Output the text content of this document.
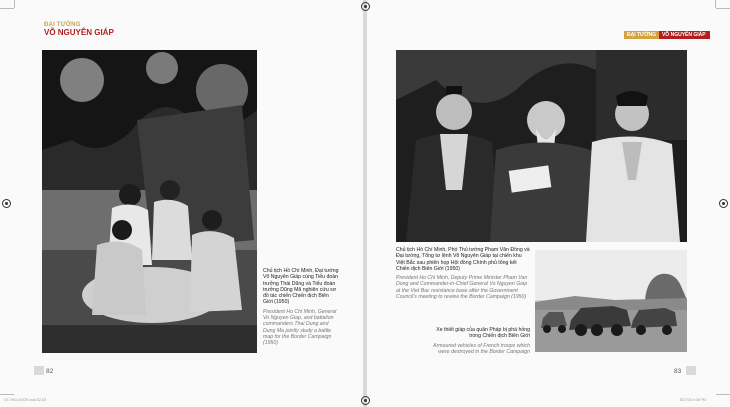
ĐẠI TƯỚNG
VÕ NGUYÊN GIÁP	ĐẠI TƯỚNG VÕ NGUYÊN GIÁP
Chủ tịch Hồ Chí Minh, Đại tướng Võ Nguyên Giáp cùng Tiểu đoàn trưởng Thái Dũng và Tiểu đoàn trưởng Dũng Mã nghiên cứu sơ đồ tác chiến Chiến dịch Biên Giới (1950)
President Ho Chi Minh, General Vo Nguyen Giap, and battalion commanders Thai Dung and Dung Ma jointly study a battle map for the Border Campaign (1950)
82
Chủ tịch Hồ Chí Minh, Phó Thủ tướng Phạm Văn Đồng và Đại tướng, Tổng tư lệnh Võ Nguyên Giáp tại chiến khu Việt Bắc sau phiên họp Hội đồng Chính phủ tổng kết Chiến dịch Biên Giới (1950)
President Ho Chi Minh, Deputy Prime Minister Pham Van Dong and Commander-in-Chief General Vo Nguyen Giap at the Viet Bac resistance base after the Government Council's meeting to review the Border Campaign (1950)
Xe thiết giáp của quân Pháp bị phá hỏng trong Chiến dịch Biên Giới
Armoured vehicles of French troops which were destroyed in the Border Campaign
83
DT-VNG-BOOK.indd 82-83	8/27/20 4:08 PM
